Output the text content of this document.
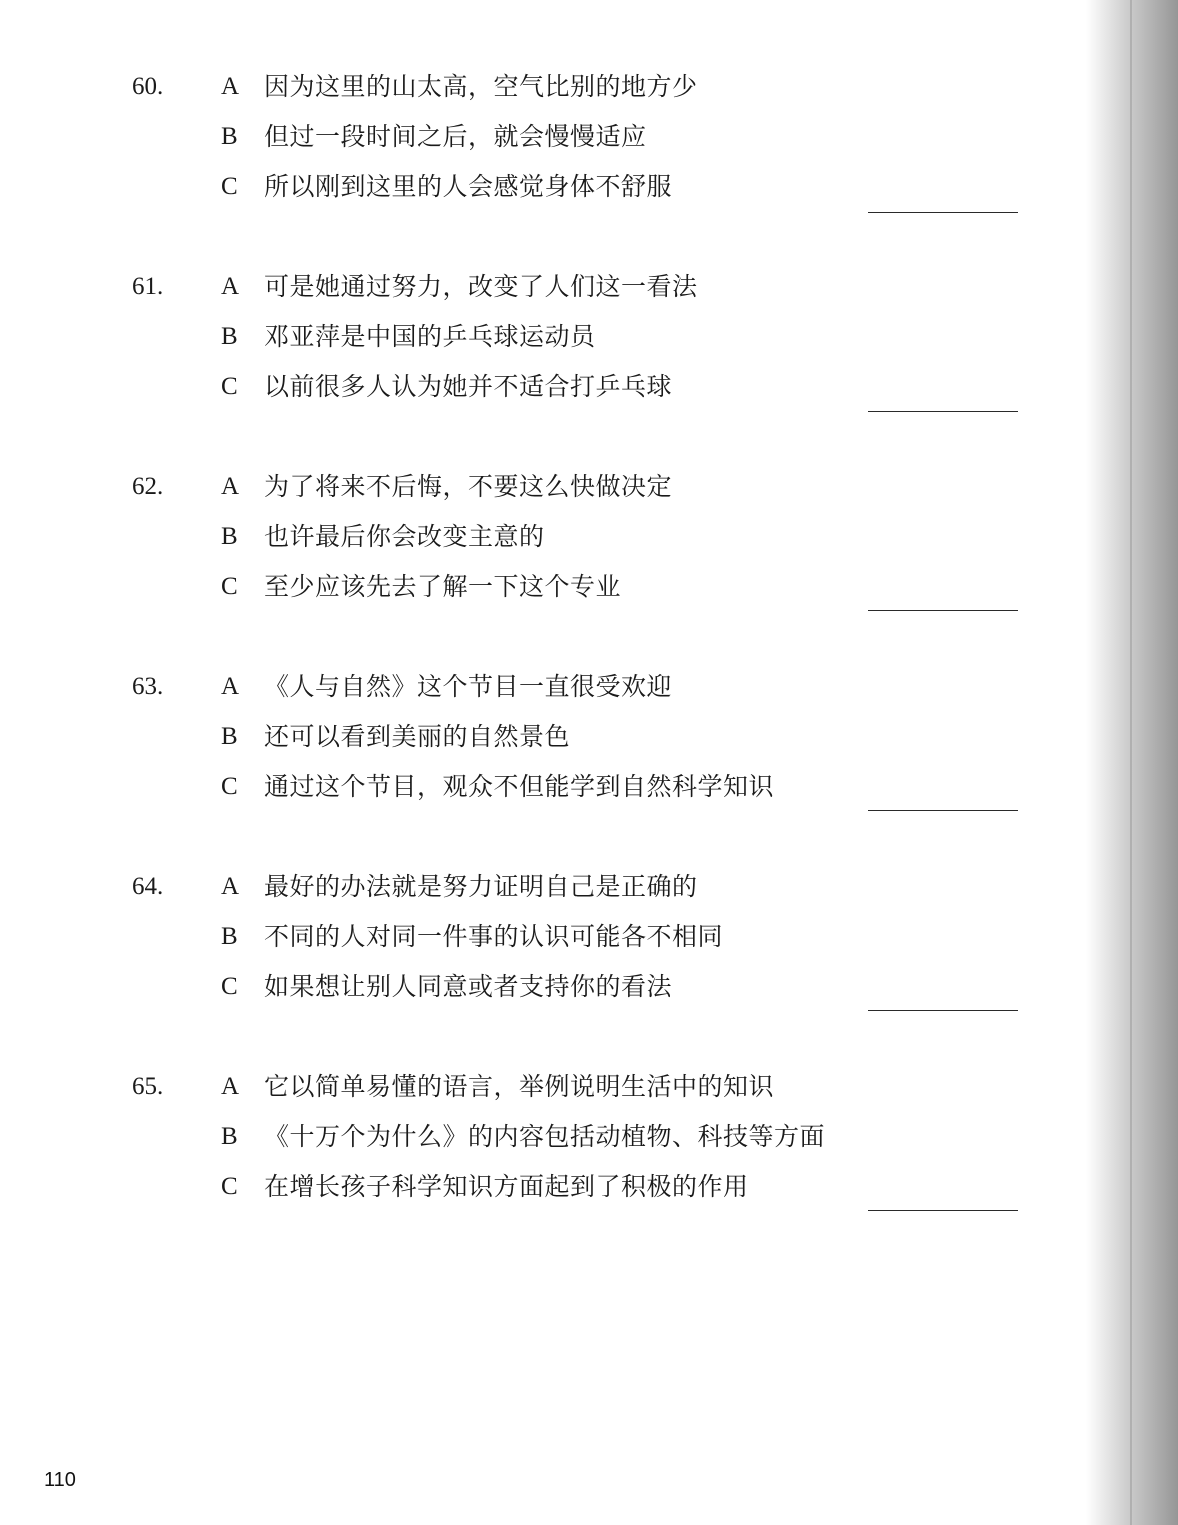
60. A 因为这里的山太高，空气比别的地方少
B 但过一段时间之后，就会慢慢适应
C 所以刚到这里的人会感觉身体不舒服
61. A 可是她通过努力，改变了人们这一看法
B 邓亚萍是中国的乒乓球运动员
C 以前很多人认为她并不适合打乒乓球
62. A 为了将来不后悔，不要这么快做决定
B 也许最后你会改变主意的
C 至少应该先去了解一下这个专业
63. A 《人与自然》这个节目一直很受欢迎
B 还可以看到美丽的自然景色
C 通过这个节目，观众不但能学到自然科学知识
64. A 最好的办法就是努力证明自己是正确的
B 不同的人对同一件事的认识可能各不相同
C 如果想让别人同意或者支持你的看法
65. A 它以简单易懂的语言，举例说明生活中的知识
B 《十万个为什么》的内容包括动植物、科技等方面
C 在增长孩子科学知识方面起到了积极的作用
110
